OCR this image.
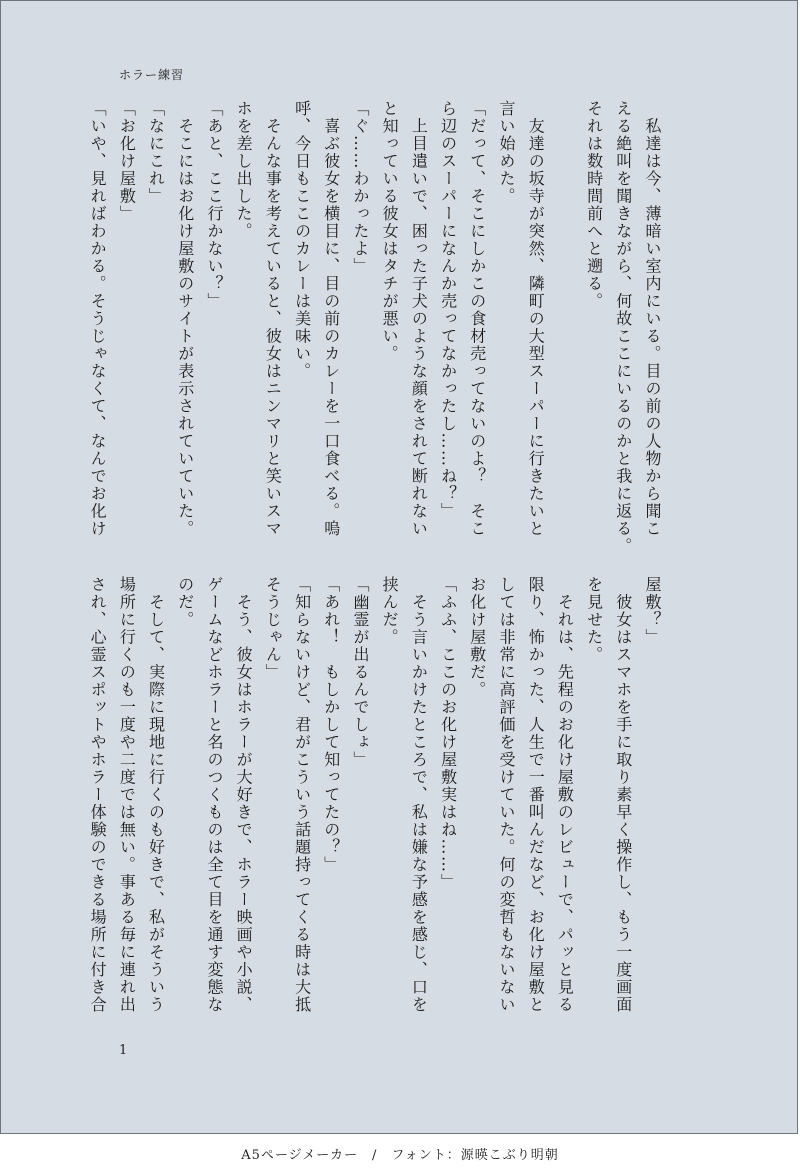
ホラー練習
　私達は今、薄暗い室内にいる。目の前の人物から聞こ
える絶叫を聞きながら、何故ここにいるのかと我に返る。
それは数時間前へと遡る。

　友達の坂寺が突然、隣町の大型スーパーに行きたいと
言い始めた。
「だって、そこにしかこの食材売ってないのよ？　そこ
ら辺のスーパーになんか売ってなかったし……ね？」
　上目遣いで、困った子犬のような顔をされて断れない
と知っている彼女はタチが悪い。
「ぐ……わかったよ」
　喜ぶ彼女を横目に、目の前のカレーを一口食べる。嗚
呼、今日もここのカレーは美味い。
　そんな事を考えていると、彼女はニンマリと笑いスマ
ホを差し出した。
「あと、ここ行かない？」
　そこにはお化け屋敷のサイトが表示されていていた。
「なにこれ」
「お化け屋敷」
「いや、見ればわかる。そうじゃなくて、なんでお化け
屋敷？」
　彼女はスマホを手に取り素早く操作し、もう一度画面
を見せた。
　それは、先程のお化け屋敷のレビューで、パッと見る
限り、怖かった、人生で一番叫んだなど、お化け屋敷と
しては非常に高評価を受けていた。何の変哲もないない
お化け屋敷だ。
「ふふ、ここのお化け屋敷実はね……」
　そう言いかけたところで、私は嫌な予感を感じ、口を
挟んだ。
「幽霊が出るんでしょ」
「あれ！　もしかして知ってたの？」
「知らないけど、君がこういう話題持ってくる時は大抵
そうじゃん」
　そう、彼女はホラーが大好きで、ホラー映画や小説、
ゲームなどホラーと名のつくものは全て目を通す変態な
のだ。
　そして、実際に現地に行くのも好きで、私がそういう
場所に行くのも一度や二度では無い。事ある毎に連れ出
され、心霊スポットやホラー体験のできる場所に付き合
1
A5ページメーカー　/　フォント：源暎こぶり明朝
